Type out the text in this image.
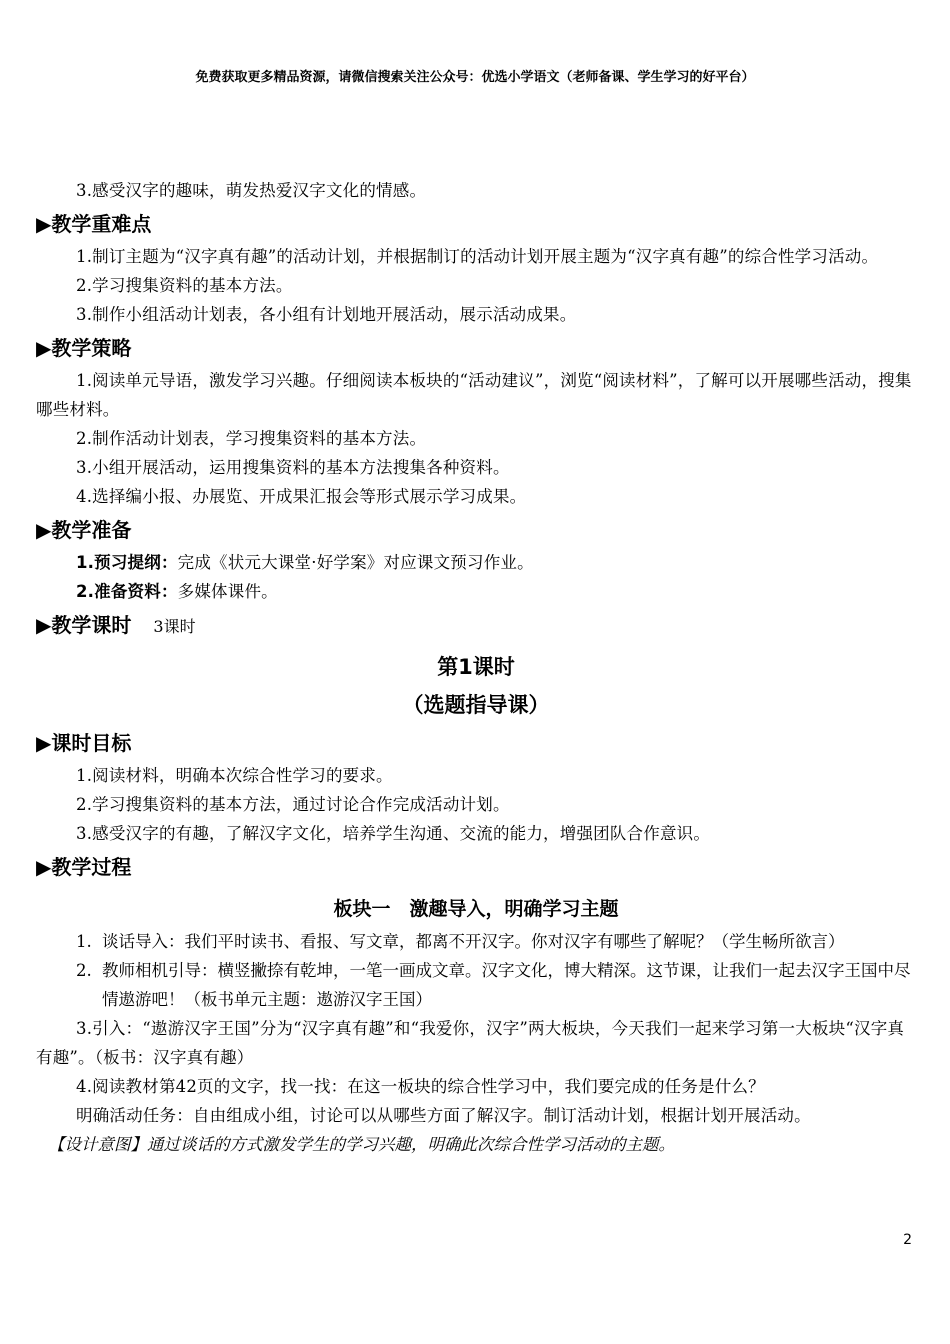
免费获取更多精品资源，请微信搜索关注公众号：优选小学语文（老师备课、学生学习的好平台）

3.感受汉字的趣味，萌发热爱汉字文化的情感。

▶教学重难点

1.制订主题为“汉字真有趣”的活动计划，并根据制订的活动计划开展主题为“汉字真有趣”的综合性学习活动。

2.学习搜集资料的基本方法。

3.制作小组活动计划表，各小组有计划地开展活动，展示活动成果。

▶教学策略

1.阅读单元导语，激发学习兴趣。仔细阅读本板块的“活动建议”，浏览“阅读材料”，了解可以开展哪些活动，搜集哪些材料。

2.制作活动计划表，学习搜集资料的基本方法。

3.小组开展活动，运用搜集资料的基本方法搜集各种资料。

4.选择编小报、办展览、开成果汇报会等形式展示学习成果。

▶教学准备

1.预习提纲：完成《状元大课堂·好学案》对应课文预习作业。

2.准备资料：多媒体课件。

▶教学课时 3课时
第1课时
（选题指导课）
▶课时目标

1.阅读材料，明确本次综合性学习的要求。

2.学习搜集资料的基本方法，通过讨论合作完成活动计划。

3.感受汉字的有趣，了解汉字文化，培养学生沟通、交流的能力，增强团队合作意识。

▶教学过程
板块一　激趣导入，明确学习主题
1. 谈话导入：我们平时读书、看报、写文章，都离不开汉字。你对汉字有哪些了解呢？（学生畅所欲言）
2. 教师相机引导：横竖撇捺有乾坤，一笔一画成文章。汉字文化，博大精深。这节课，让我们一起去汉字王国中尽情遨游吧！（板书单元主题：遨游汉字王国）

3.引入：“遨游汉字王国”分为“汉字真有趣”和“我爱你，汉字”两大板块，今天我们一起来学习第一大板块“汉字真有趣”。（板书：汉字真有趣）

4.阅读教材第42页的文字，找一找：在这一板块的综合性学习中，我们要完成的任务是什么？

明确活动任务：自由组成小组，讨论可以从哪些方面了解汉字。制订活动计划，根据计划开展活动。

【设计意图】通过谈话的方式激发学生的学习兴趣，明确此次综合性学习活动的主题。

2
